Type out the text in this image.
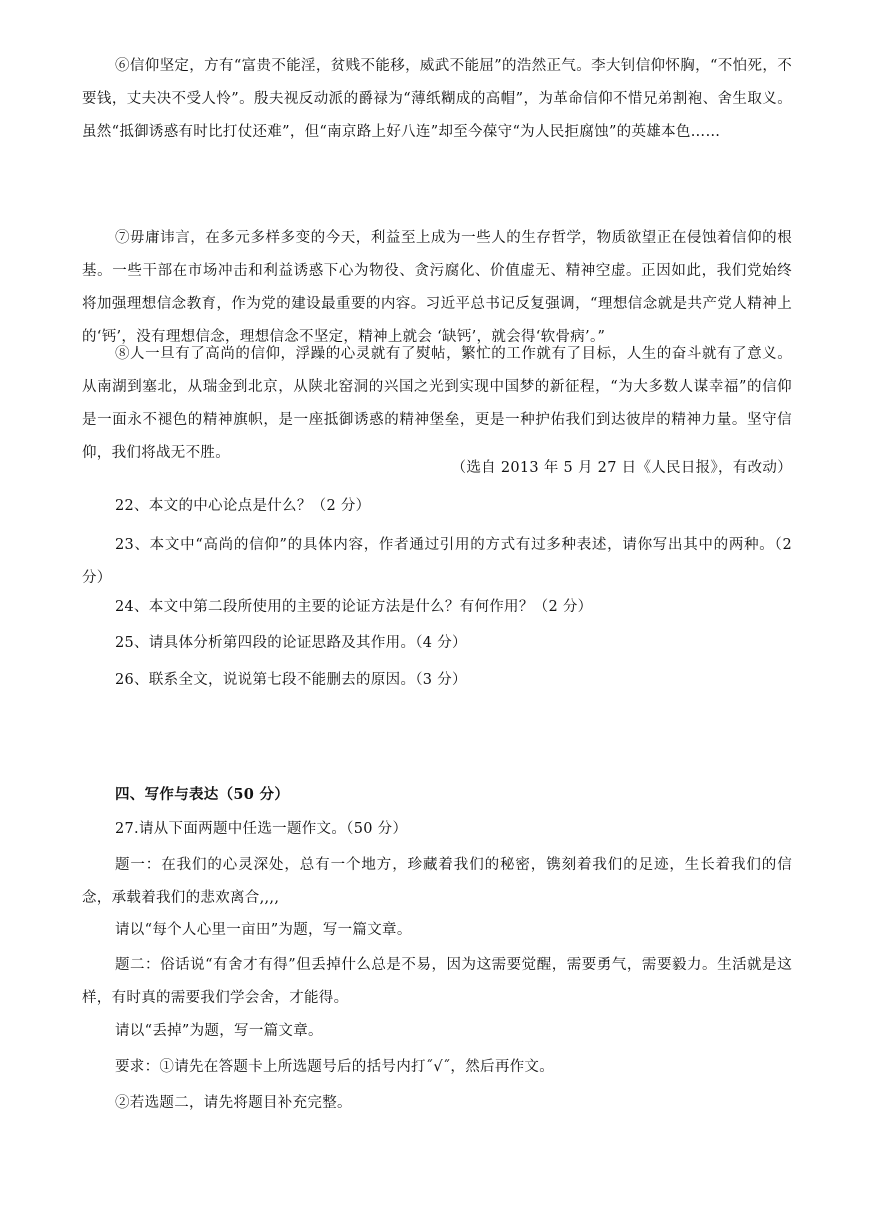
⑥信仰坚定，方有“富贵不能淫，贫贱不能移，威武不能屈”的浩然正气。李大钊信仰怀胸，“不怕死，不要钱，丈夫决不受人怜”。殷夫视反动派的爵禄为“薄纸糊成的高帽”，为革命信仰不惜兄弟割袍、舍生取义。虽然“抵御诱惑有时比打仗还难”，但“南京路上好八连”却至今葆守“为人民拒腐蚀”的英雄本色……

⑦毋庸讳言，在多元多样多变的今天，利益至上成为一些人的生存哲学，物质欲望正在侵蚀着信仰的根基。一些干部在市场冲击和利益诱惑下心为物役、贪污腐化、价值虚无、精神空虚。正因如此，我们党始终将加强理想信念教育，作为党的建设最重要的内容。习近平总书记反复强调，“理想信念就是共产党人精神上的‘钙’，没有理想信念，理想信念不坚定，精神上就会 ‘缺钙’，就会得‘软骨病’。”

⑧人一旦有了高尚的信仰，浮躁的心灵就有了熨帖，繁忙的工作就有了目标，人生的奋斗就有了意义。从南湖到塞北，从瑞金到北京，从陕北窑洞的兴国之光到实现中国梦的新征程，“为大多数人谋幸福”的信仰是一面永不褪色的精神旗帜，是一座抵御诱惑的精神堡垒，更是一种护佑我们到达彼岸的精神力量。坚守信仰，我们将战无不胜。

（选自 2013 年 5 月 27 日《人民日报》，有改动）

22、本文的中心论点是什么？（2 分）

23、本文中“高尚的信仰”的具体内容，作者通过引用的方式有过多种表述，请你写出其中的两种。（2 分）

24、本文中第二段所使用的主要的论证方法是什么？有何作用？（2 分）

25、请具体分析第四段的论证思路及其作用。（4 分）

26、联系全文，说说第七段不能删去的原因。（3 分）

四、写作与表达（50 分）

27.请从下面两题中任选一题作文。（50 分）

题一：在我们的心灵深处，总有一个地方，珍藏着我们的秘密，镌刻着我们的足迹，生长着我们的信念，承载着我们的悲欢离合,,,,

请以“每个人心里一亩田”为题，写一篇文章。

题二：俗话说“有舍才有得”但丢掉什么总是不易，因为这需要觉醒，需要勇气，需要毅力。生活就是这样，有时真的需要我们学会舍，才能得。

请以“丢掉”为题，写一篇文章。

要求：①请先在答题卡上所选题号后的括号内打˝√˝，然后再作文。

②若选题二，请先将题目补充完整。
